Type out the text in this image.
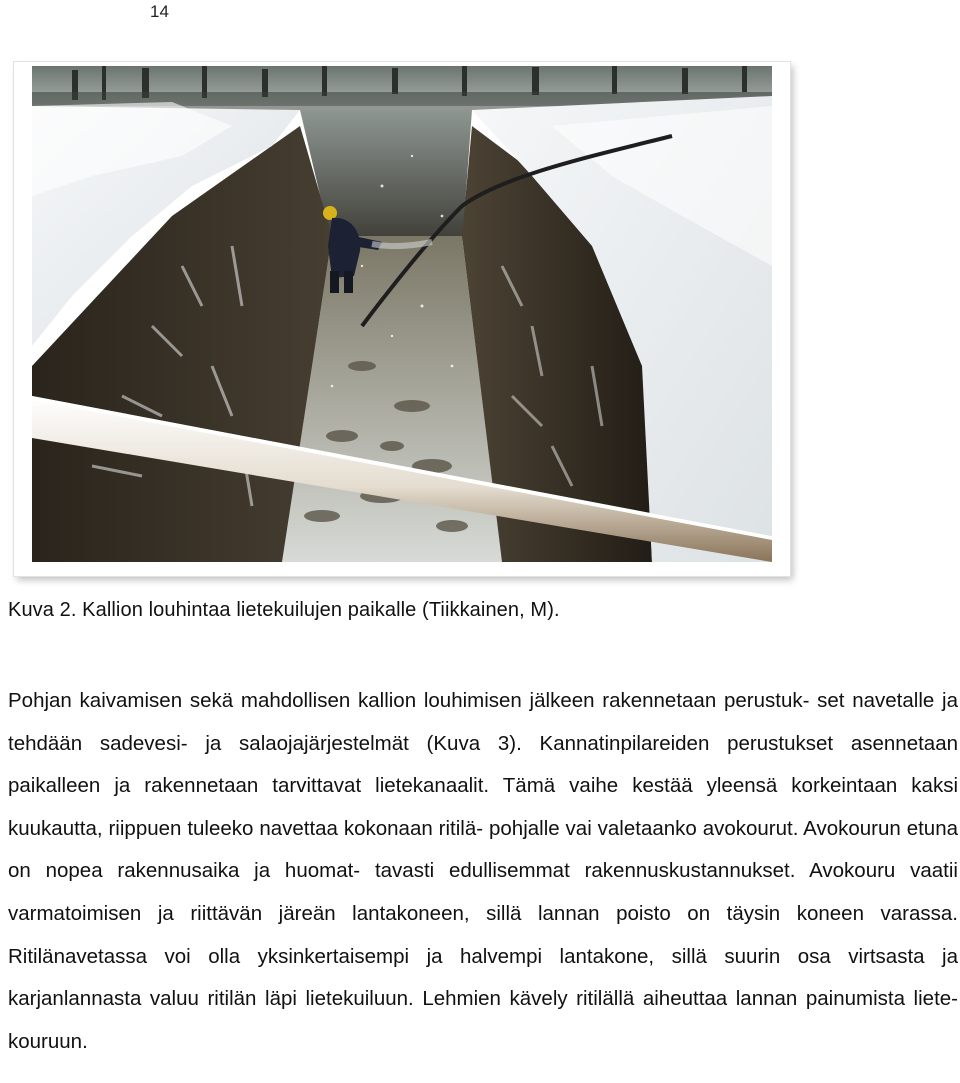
14
Kuva 2. Kallion louhintaa lietekuilujen paikalle (Tiikkainen, M).

Pohjan kaivamisen sekä mahdollisen kallion louhimisen jälkeen rakennetaan perustuk- set navetalle ja tehdään sadevesi- ja salaojajärjestelmät (Kuva 3). Kannatinpilareiden perustukset asennetaan paikalleen ja rakennetaan tarvittavat lietekanaalit. Tämä vaihe kestää yleensä korkeintaan kaksi kuukautta, riippuen tuleeko navettaa kokonaan ritilä- pohjalle vai valetaanko avokourut. Avokourun etuna on nopea rakennusaika ja huomat- tavasti edullisemmat rakennuskustannukset. Avokouru vaatii varmatoimisen ja riittävän järeän lantakoneen, sillä lannan poisto on täysin koneen varassa. Ritilänavetassa voi olla yksinkertaisempi ja halvempi lantakone, sillä suurin osa virtsasta ja karjanlannasta valuu ritilän läpi lietekuiluun. Lehmien kävely ritilällä aiheuttaa lannan painumista liete- kouruun.
